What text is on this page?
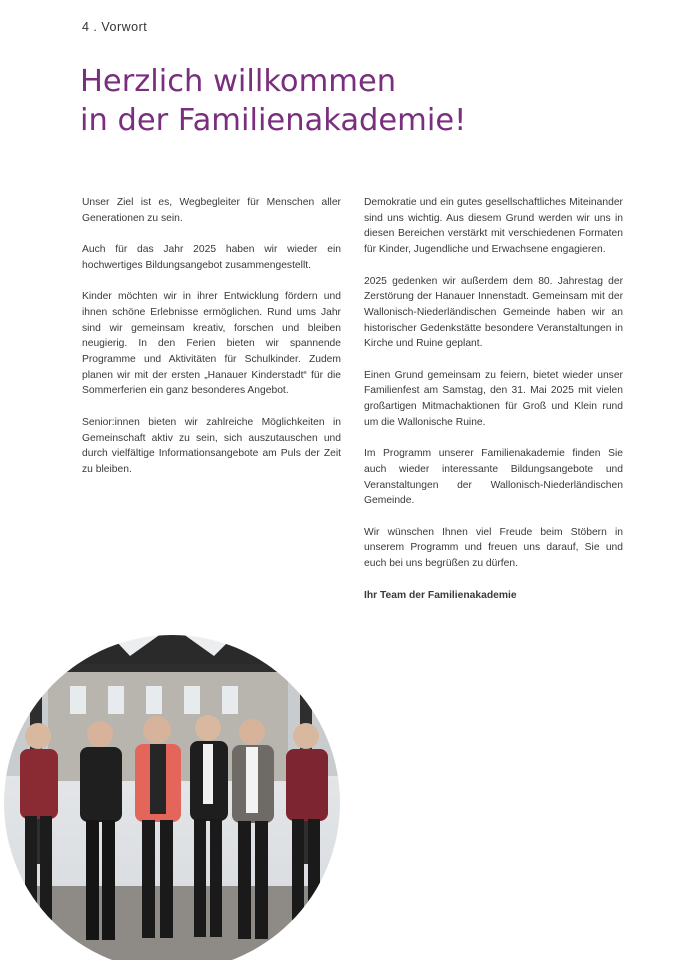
4 . Vorwort
Herzlich willkommen
in der Familienakademie!

Unser Ziel ist es, Wegbegleiter für Menschen aller Generationen zu sein.

Auch für das Jahr 2025 haben wir wieder ein hochwertiges Bildungsangebot zusammengestellt.

Kinder möchten wir in ihrer Entwicklung fördern und ihnen schöne Erlebnisse ermöglichen. Rund ums Jahr sind wir gemeinsam kreativ, forschen und bleiben neugierig. In den Ferien bieten wir spannende Programme und Aktivitäten für Schulkinder. Zudem planen wir mit der ersten „Hanauer Kinderstadt“ für die Sommerferien ein ganz besonderes Angebot.

Senior:innen bieten wir zahlreiche Möglichkeiten in Gemeinschaft aktiv zu sein, sich auszutauschen und durch vielfältige Informationsangebote am Puls der Zeit zu bleiben.

Demokratie und ein gutes gesellschaftliches Miteinander sind uns wichtig. Aus diesem Grund werden wir uns in diesen Bereichen verstärkt mit verschiedenen Formaten für Kinder, Jugendliche und Erwachsene engagieren.

2025 gedenken wir außerdem dem 80. Jahrestag der Zerstörung der Hanauer Innenstadt. Gemeinsam mit der Wallonisch-Niederländischen Gemeinde haben wir an historischer Gedenkstätte besondere Veranstaltungen in Kirche und Ruine geplant.

Einen Grund gemeinsam zu feiern, bietet wieder unser Familienfest am Samstag, den 31. Mai 2025 mit vielen großartigen Mitmachaktionen für Groß und Klein rund um die Wallonische Ruine.

Im Programm unserer Familienakademie finden Sie auch wieder interessante Bildungsangebote und Veranstaltungen der Wallonisch-Niederländischen Gemeinde.

Wir wünschen Ihnen viel Freude beim Stöbern in unserem Programm und freuen uns darauf, Sie und euch bei uns begrüßen zu dürfen.

Ihr Team der Familienakademie
